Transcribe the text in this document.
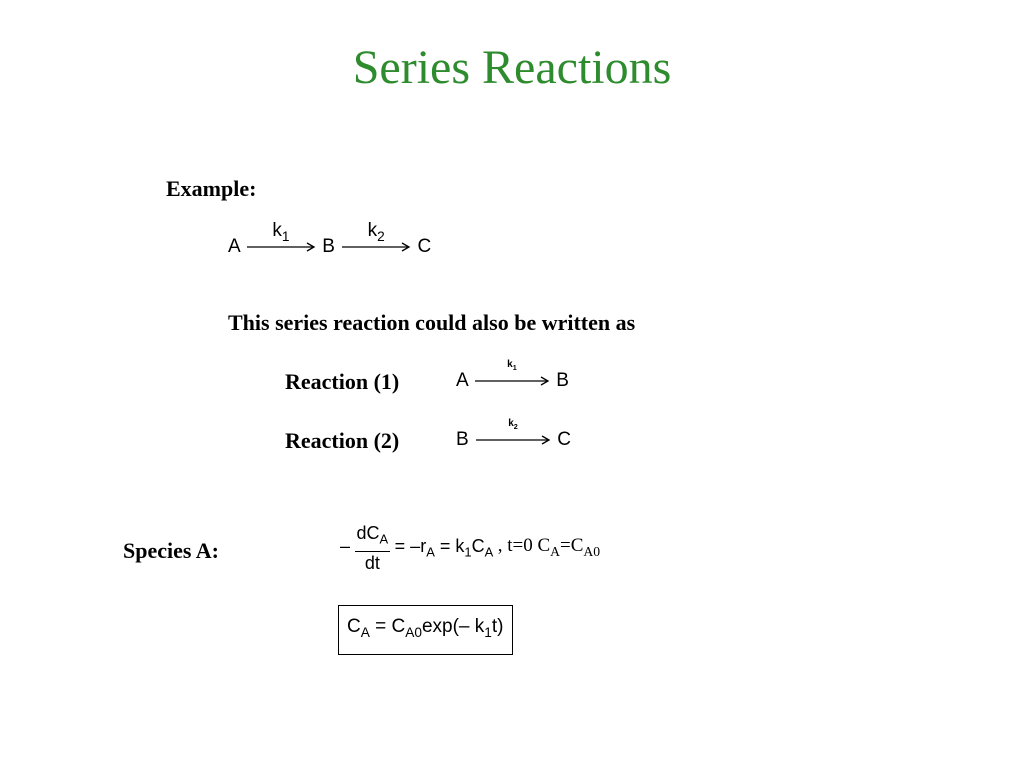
Series Reactions
Example:
A
$k_1$	B
$k_2$	C
This series reaction could also be written as
Reaction (1)	A
$k_1$
B
Reaction (2)	B
$k_2$
C
Species A:	– $\frac{dC_A}{dt} = -r_A = k_1C_A$ , t=0 $C_A=C_{A0}$
$C_A = C_{A0}\exp(-$ $k_1t$)
